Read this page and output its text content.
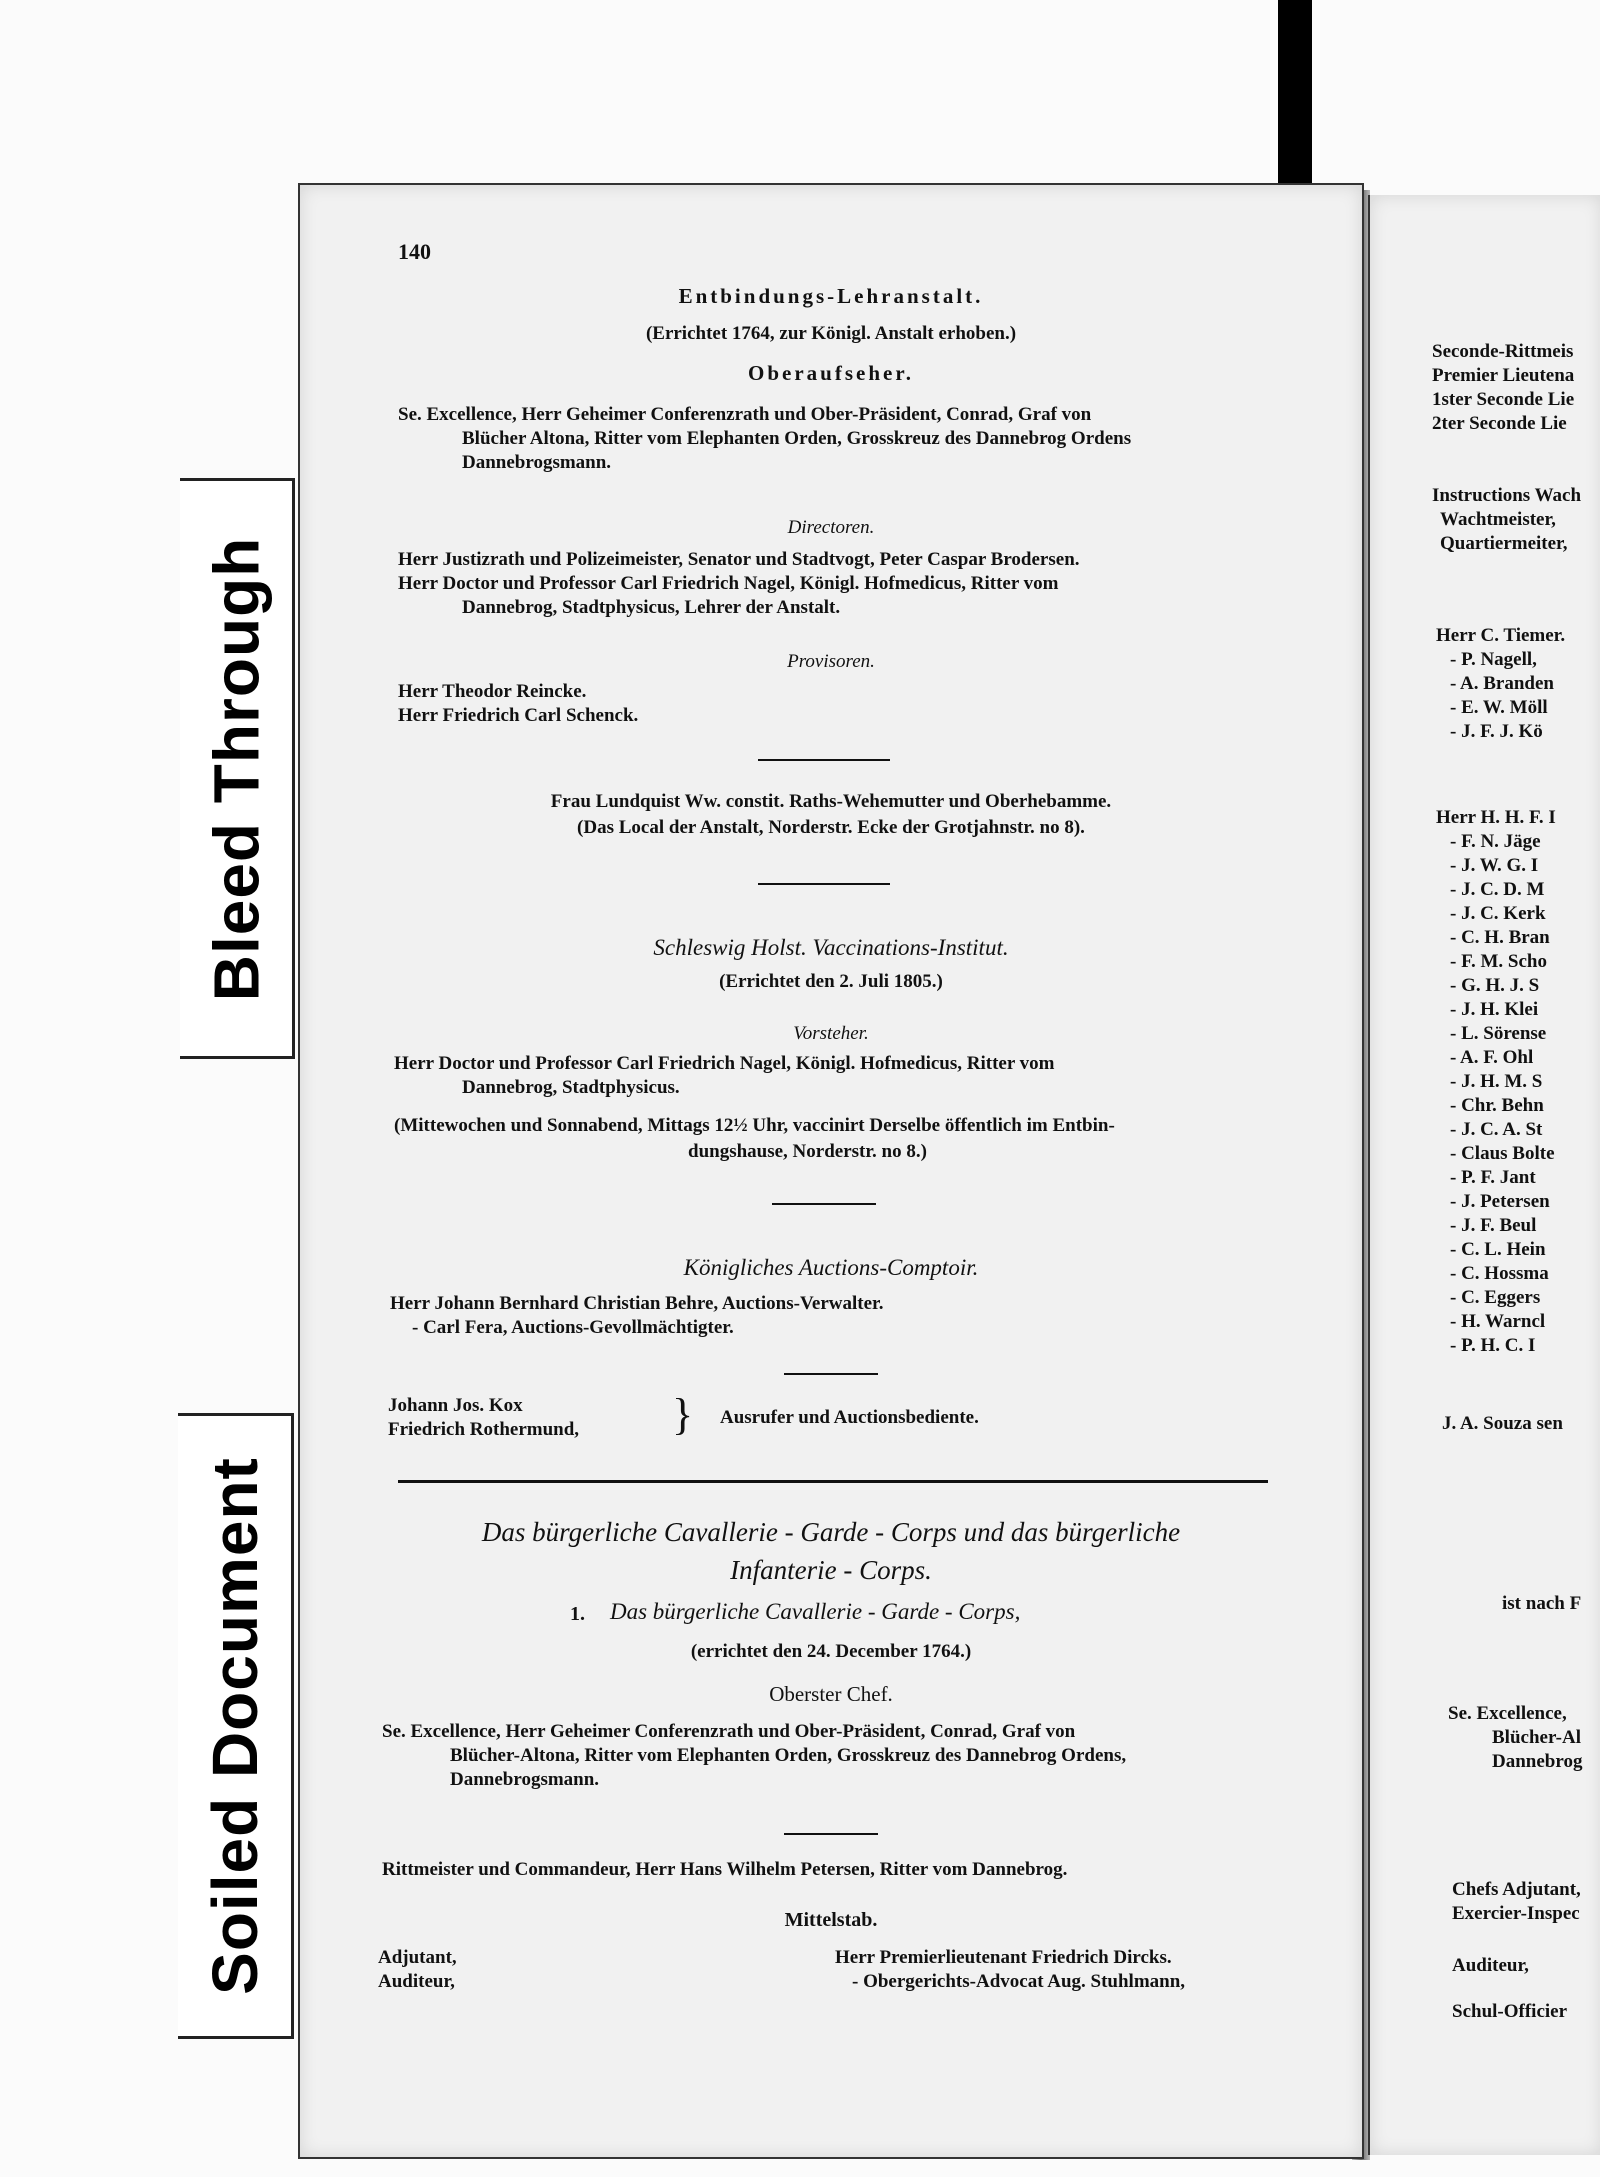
Bleed Through
Soiled Document
140
Entbindungs-Lehranstalt.
(Errichtet 1764, zur Königl. Anstalt erhoben.)
Oberaufseher.
Se. Excellence, Herr Geheimer Conferenzrath und Ober-Präsident, Conrad, Graf von
Blücher Altona, Ritter vom Elephanten Orden, Grosskreuz des Dannebrog Ordens
Dannebrogsmann.
Directoren.
Herr Justizrath und Polizeimeister, Senator und Stadtvogt, Peter Caspar Brodersen.
Herr Doctor und Professor Carl Friedrich Nagel, Königl. Hofmedicus, Ritter vom
Dannebrog, Stadtphysicus, Lehrer der Anstalt.
Provisoren.
Herr Theodor Reincke.
Herr Friedrich Carl Schenck.
Frau Lundquist Ww. constit. Raths-Wehemutter und Oberhebamme.
(Das Local der Anstalt, Norderstr. Ecke der Grotjahnstr. no 8).
Schleswig Holst. Vaccinations-Institut.
(Errichtet den 2. Juli 1805.)
Vorsteher.
Herr Doctor und Professor Carl Friedrich Nagel, Königl. Hofmedicus, Ritter vom
Dannebrog, Stadtphysicus.
(Mittewochen und Sonnabend, Mittags 12½ Uhr, vaccinirt Derselbe öffentlich im Entbin-
dungshause, Norderstr. no 8.)
Königliches Auctions-Comptoir.
Herr Johann Bernhard Christian Behre, Auctions-Verwalter.
- Carl Fera, Auctions-Gevollmächtigter.
Johann Jos. Kox
Friedrich Rothermund, } Ausrufer und Auctionsbediente.
Das bürgerliche Cavallerie - Garde - Corps und das bürgerliche
Infanterie - Corps.
1. Das bürgerliche Cavallerie - Garde - Corps,
(errichtet den 24. December 1764.)
Oberster Chef.
Se. Excellence, Herr Geheimer Conferenzrath und Ober-Präsident, Conrad, Graf von
Blücher-Altona, Ritter vom Elephanten Orden, Grosskreuz des Dannebrog Ordens,
Dannebrogsmann.
Rittmeister und Commandeur, Herr Hans Wilhelm Petersen, Ritter vom Dannebrog.
Mittelstab.
Adjutant,	Herr Premierlieutenant Friedrich Dircks.
Auditeur,	- Obergerichts-Advocat Aug. Stuhlmann,
Seconde-Rittmeis
Premier Lieutena
1ster Seconde Lie
2ter Seconde Lie
Instructions Wach
Wachtmeister,
Quartiermeiter,
Herr C. Tiemer.
- P. Nagell,
- A. Branden
- E. W. Möll
- J. F. J. Kö
Herr H. H. F. I
- F. N. Jäge
- J. W. G. I
- J. C. D. M
- J. C. Kerk
- C. H. Bran
- F. M. Scho
- G. H. J. S
- J. H. Klei
- L. Sörense
- A. F. Ohl
- J. H. M. S
- Chr. Behn
- J. C. A. St
- Claus Bolte
- P. F. Jant
- J. Petersen
- J. F. Beul
- C. L. Hein
- C. Hossma
- C. Eggers
- H. Warncl
- P. H. C. I
J. A. Souza sen
ist nach F
Se. Excellence,
Blücher-Al
Dannebrog
Chefs Adjutant,
Exercier-Inspec
Auditeur,
Schul-Officier
